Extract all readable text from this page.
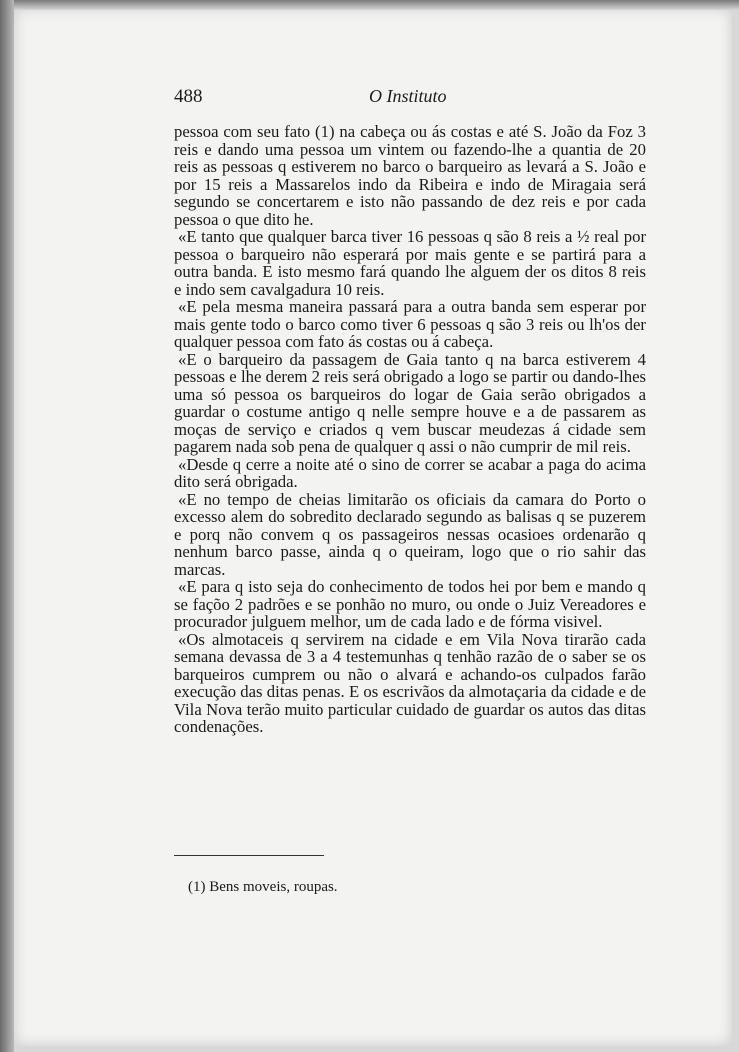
488	O Instituto

pessoa com seu fato (1) na cabeça ou ás costas e até S. João da Foz 3 reis e dando uma pessoa um vintem ou fazendo-lhe a quantia de 20 reis as pessoas q estiverem no barco o barqueiro as levará a S. João e por 15 reis a Massarelos indo da Ribeira e indo de Miragaia será segundo se concertarem e isto não passando de dez reis e por cada pessoa o que dito he.

«E tanto que qualquer barca tiver 16 pessoas q são 8 reis a ½ real por pessoa o barqueiro não esperará por mais gente e se partirá para a outra banda. E isto mesmo fará quando lhe alguem der os ditos 8 reis e indo sem cavalgadura 10 reis.

«E pela mesma maneira passará para a outra banda sem esperar por mais gente todo o barco como tiver 6 pessoas q são 3 reis ou lh'os der qualquer pessoa com fato ás costas ou á cabeça.

«E o barqueiro da passagem de Gaia tanto q na barca estiverem 4 pessoas e lhe derem 2 reis será obrigado a logo se partir ou dando-lhes uma só pessoa os barqueiros do logar de Gaia serão obrigados a guardar o costume antigo q nelle sempre houve e a de passarem as moças de serviço e criados q vem buscar meudezas á cidade sem pagarem nada sob pena de qualquer q assi o não cumprir de mil reis.

«Desde q cerre a noite até o sino de correr se acabar a paga do acima dito será obrigada.

«E no tempo de cheias limitarão os oficiais da camara do Porto o excesso alem do sobredito declarado segundo as balisas q se puzerem e porq não convem q os passageiros nessas ocasioes ordenarão q nenhum barco passe, ainda q o queiram, logo que o rio sahir das marcas.

«E para q isto seja do conhecimento de todos hei por bem e mando q se façõo 2 padrões e se ponhão no muro, ou onde o Juiz Vereadores e procurador julguem melhor, um de cada lado e de fórma visivel.

«Os almotaceis q servirem na cidade e em Vila Nova tirarão cada semana devassa de 3 a 4 testemunhas q tenhão razão de o saber se os barqueiros cumprem ou não o alvará e achando-os culpados farão execução das ditas penas. E os escrivãos da almotaçaria da cidade e de Vila Nova terão muito particular cuidado de guardar os autos das ditas condenações.

(1) Bens moveis, roupas.
